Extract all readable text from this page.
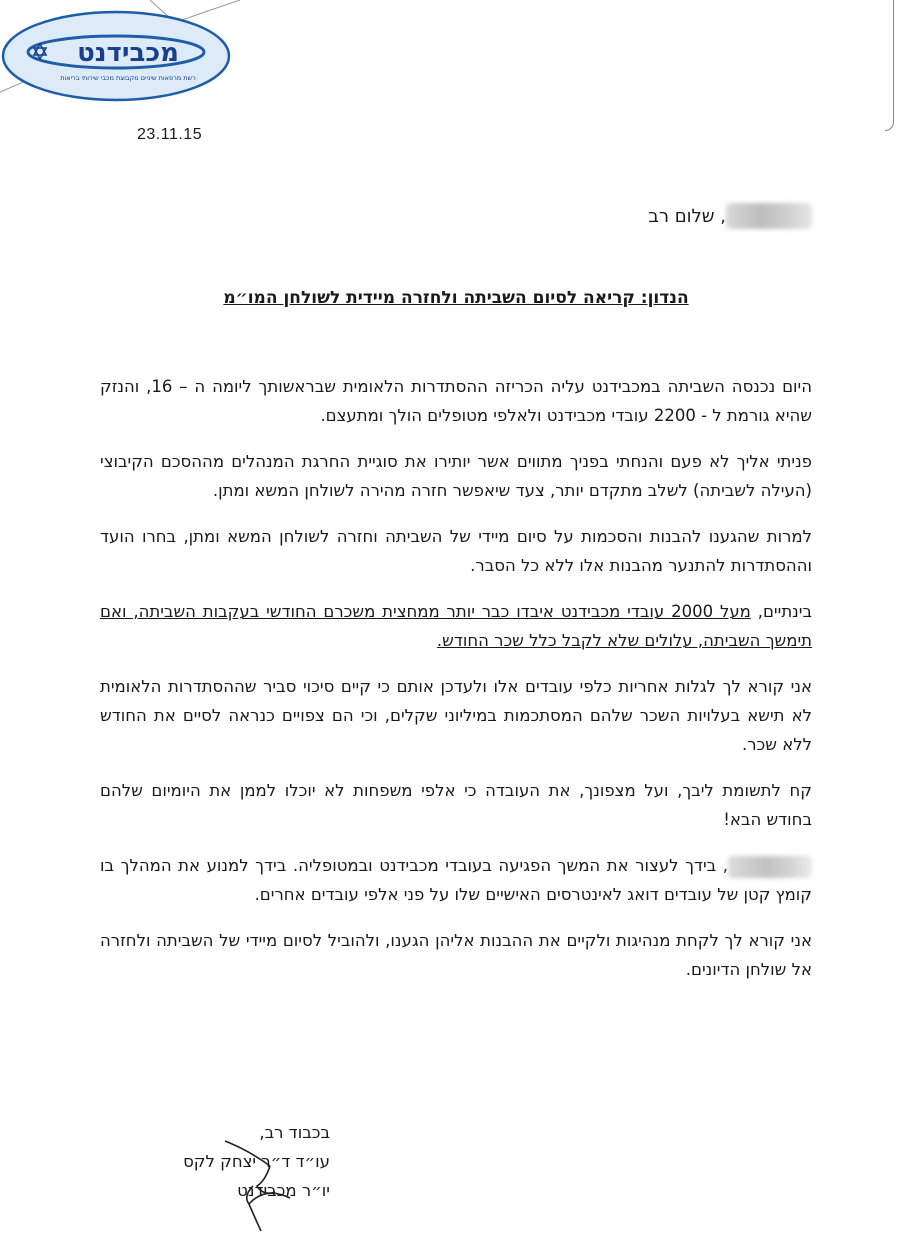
מכבידנט
רשת מרפאות שיניים מקבוצת מכבי שירותי בריאות
23.11.15
, שלום רב
הנדון: קריאה לסיום השביתה ולחזרה מיידית לשולחן המו״מ

היום נכנסה השביתה במכבידנט עליה הכריזה ההסתדרות הלאומית שבראשותך ליומה ה – 16, והנזק שהיא גורמת ל - 2200 עובדי מכבידנט ולאלפי מטופלים הולך ומתעצם.

פניתי אליך לא פעם והנחתי בפניך מתווים אשר יותירו את סוגיית החרגת המנהלים מההסכם הקיבוצי (העילה לשביתה) לשלב מתקדם יותר, צעד שיאפשר חזרה מהירה לשולחן המשא ומתן.

למרות שהגענו להבנות והסכמות על סיום מיידי של השביתה וחזרה לשולחן המשא ומתן, בחרו הועד וההסתדרות להתנער מהבנות אלו ללא כל הסבר.

בינתיים, מעל 2000 עובדי מכבידנט איבדו כבר יותר ממחצית משכרם החודשי בעקבות השביתה, ואם תימשך השביתה, עלולים שלא לקבל כלל שכר החודש.

אני קורא לך לגלות אחריות כלפי עובדים אלו ולעדכן אותם כי קיים סיכוי סביר שההסתדרות הלאומית לא תישא בעלויות השכר שלהם המסתכמות במיליוני שקלים, וכי הם צפויים כנראה לסיים את החודש ללא שכר.

קח לתשומת ליבך, ועל מצפונך, את העובדה כי אלפי משפחות לא יוכלו לממן את היומיום שלהם בחודש הבא!

, בידך לעצור את המשך הפגיעה בעובדי מכבידנט ובמטופליה. בידך למנוע את המהלך בו קומץ קטן של עובדים דואג לאינטרסים האישיים שלו על פני אלפי עובדים אחרים.

אני קורא לך לקחת מנהיגות ולקיים את ההבנות אליהן הגענו, ולהוביל לסיום מיידי של השביתה ולחזרה אל שולחן הדיונים.

בכבוד רב,
עו״ד ד״ר יצחק לקס
יו״ר מכבידנט
